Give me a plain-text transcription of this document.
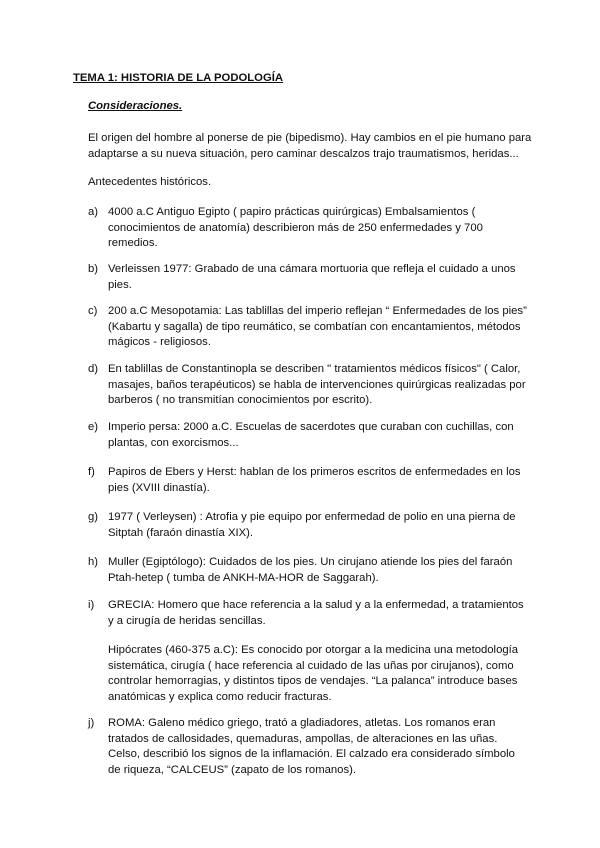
TEMA 1: HISTORIA DE LA PODOLOGÍA
Consideraciones.

El origen del hombre al ponerse de pie (bipedismo). Hay cambios en el pie humano para adaptarse a su nueva situación, pero caminar descalzos trajo traumatismos, heridas...

Antecedentes históricos.

a) 4000 a.C Antiguo Egipto ( papiro prácticas quirúrgicas) Embalsamientos ( conocimientos de anatomía) describieron más de 250 enfermedades y 700 remedios.
b) Verleissen 1977: Grabado de una cámara mortuoria que refleja el cuidado a unos pies.
c) 200 a.C Mesopotamia: Las tablillas del imperio reflejan “ Enfermedades de los pies” (Kabartu y sagalla) de tipo reumático, se combatían con encantamientos, métodos mágicos - religiosos.
d) En tablillas de Constantinopla se describen " tratamientos médicos físicos" ( Calor, masajes, baños terapéuticos) se habla de intervenciones quirúrgicas realizadas por barberos ( no transmitían conocimientos por escrito).
e) Imperio persa: 2000 a.C. Escuelas de sacerdotes que curaban con cuchillas, con plantas, con exorcismos...
f)	Papiros de Ebers y Herst: hablan de los primeros escritos de enfermedades en los pies (XVIII dinastía).
g) 1977 ( Verleysen) : Atrofia y pie equipo por enfermedad de polio en una pierna de Sitptah (faraón dinastía XIX).
h) Muller (Egiptólogo): Cuidados de los pies. Un cirujano atiende los pies del faraón Ptah-hetep ( tumba de ANKH-MA-HOR de Saggarah).
i)	GRECIA: Homero que hace referencia a la salud y a la enfermedad, a tratamientos y a cirugía de heridas sencillas.

Hipócrates (460-375 a.C): Es conocido por otorgar a la medicina una metodología sistemática, cirugía ( hace referencia al cuidado de las uñas por cirujanos), como controlar hemorragias, y distintos tipos de vendajes. “La palanca” introduce bases anatómicas y explica como reducir fracturas.

j)	ROMA: Galeno médico griego, trató a gladiadores, atletas. Los romanos eran tratados de callosidades, quemaduras, ampollas, de alteraciones en las uñas. Celso, describió los signos de la inflamación. El calzado era considerado símbolo de riqueza, “CALCEUS” (zapato de los romanos).
